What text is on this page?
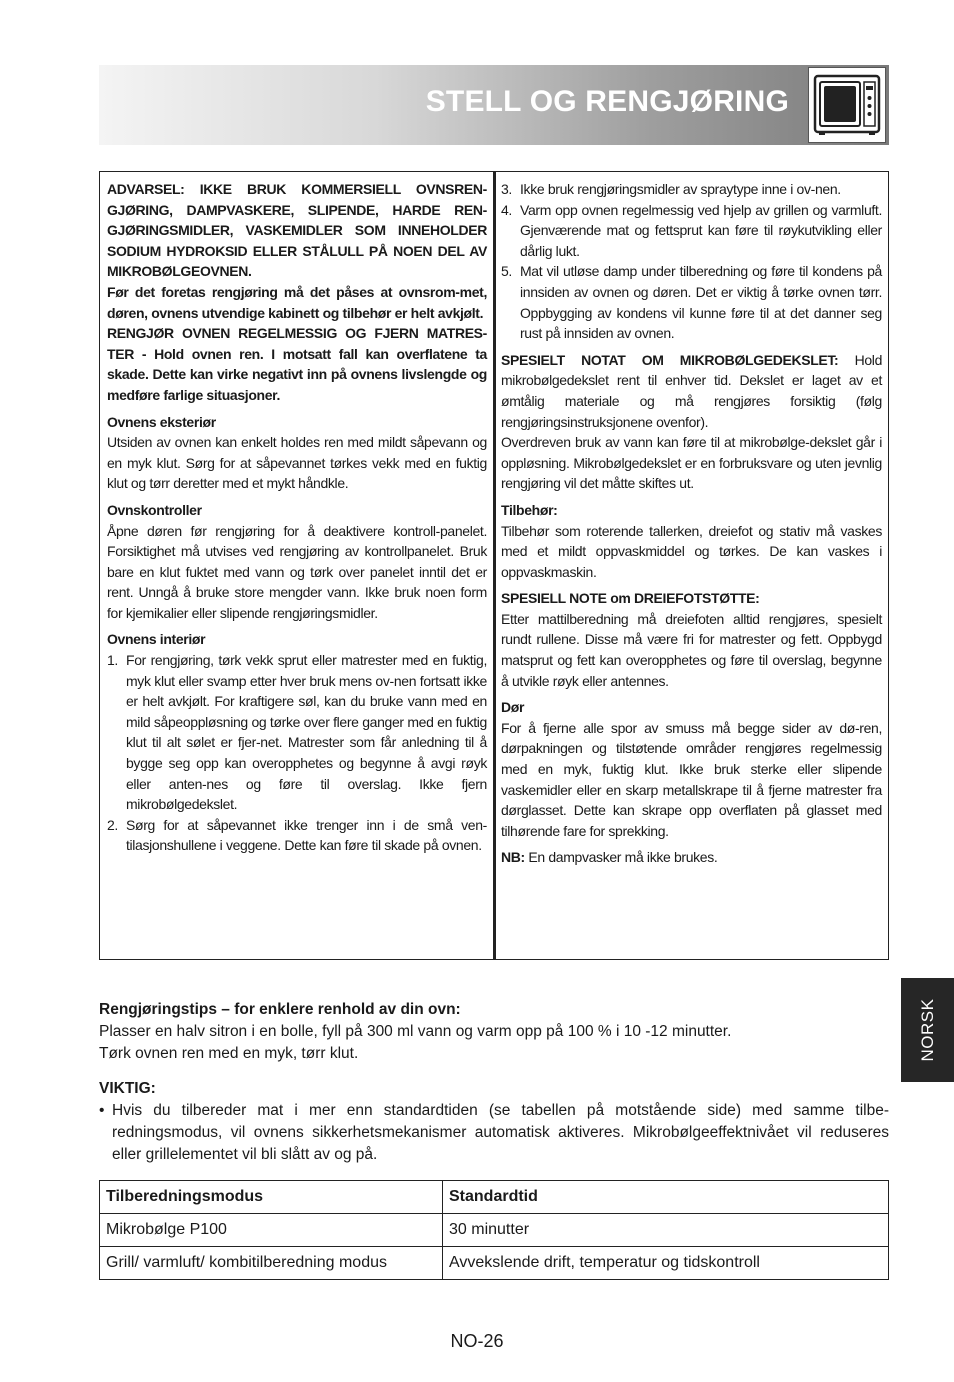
STELL OG RENGJØRING

ADVARSEL: IKKE BRUK KOMMERSIELL OVNSREN-GJØRING, DAMPVASKERE, SLIPENDE, HARDE REN-GJØRINGSMIDLER, VASKEMIDLER SOM INNEHOLDER SODIUM HYDROKSID ELLER STÅLULL PÅ NOEN DEL AV MIKROBØLGEOVNEN.

Før det foretas rengjøring må det påses at ovnsrom-met, døren, ovnens utvendige kabinett og tilbehør er helt avkjølt.

RENGJØR OVNEN REGELMESSIG OG FJERN MATRES-TER - Hold ovnen ren. I motsatt fall kan overflatene ta skade. Dette kan virke negativt inn på ovnens livslengde og medføre farlige situasjoner.

Ovnens eksteriør

Utsiden av ovnen kan enkelt holdes ren med mildt såpevann og en myk klut. Sørg for at såpevannet tørkes vekk med en fuktig klut og tørr deretter med et mykt håndkle.

Ovnskontroller

Åpne døren før rengjøring for å deaktivere kontroll-panelet. Forsiktighet må utvises ved rengjøring av kontrollpanelet. Bruk bare en klut fuktet med vann og tørk over panelet inntil det er rent. Unngå å bruke store mengder vann. Ikke bruk noen form for kjemikalier eller slipende rengjøringsmidler.

Ovnens interiør

1. For rengjøring, tørk vekk sprut eller matrester med en fuktig, myk klut eller svamp etter hver bruk mens ov-nen fortsatt ikke er helt avkjølt. For kraftigere søl, kan du bruke vann med en mild såpeoppløsning og tørke over flere ganger med en fuktig klut til alt sølet er fjer-net. Matrester som får anledning til å bygge seg opp kan overopphetes og begynne å avgi røyk eller anten-nes og føre til overslag. Ikke fjern mikrobølgedekslet.
2. Sørg for at såpevannet ikke trenger inn i de små ven-tilasjonshullene i veggene. Dette kan føre til skade på ovnen.
3. Ikke bruk rengjøringsmidler av spraytype inne i ov-nen.
4. Varm opp ovnen regelmessig ved hjelp av grillen og varmluft. Gjenværende mat og fettsprut kan føre til røykutvikling eller dårlig lukt.
5. Mat vil utløse damp under tilberedning og føre til kondens på innsiden av ovnen og døren. Det er viktig å tørke ovnen tørr. Oppbygging av kondens vil kunne føre til at det danner seg rust på innsiden av ovnen.

SPESIELT NOTAT OM MIKROBØLGEDEKSLET: Hold mikrobølgedekslet rent til enhver tid. Dekslet er laget av et ømtålig materiale og må rengjøres forsiktig (følg rengjøringsinstruksjonene ovenfor).

Overdreven bruk av vann kan føre til at mikrobølge-dekslet går i oppløsning. Mikrobølgedekslet er en forbruksvare og uten jevnlig rengjøring vil det måtte skiftes ut.

Tilbehør:

Tilbehør som roterende tallerken, dreiefot og stativ må vaskes med et mildt oppvaskmiddel og tørkes. De kan vaskes i oppvaskmaskin.

SPESIELL NOTE om DREIEFOTSTØTTE:

Etter mattilberedning må dreiefoten alltid rengjøres, spesielt rundt rullene. Disse må være fri for matrester og fett. Oppbygd matsprut og fett kan overopphetes og føre til overslag, begynne å utvikle røyk eller antennes.

Dør

For å fjerne alle spor av smuss må begge sider av dø-ren, dørpakningen og tilstøtende områder rengjøres regelmessig med en myk, fuktig klut. Ikke bruk sterke eller slipende vaskemidler eller en skarp metallskrape til å fjerne matrester fra dørglasset. Dette kan skrape opp overflaten på glasset med tilhørende fare for sprekking.

NB: En dampvasker må ikke brukes.

Rengjøringstips – for enklere renhold av din ovn:

Plasser en halv sitron i en bolle, fyll på 300 ml vann og varm opp på 100 % i 10 -12 minutter.

Tørk ovnen ren med en myk, tørr klut.

VIKTIG:

• Hvis du tilbereder mat i mer enn standardtiden (se tabellen på motstående side) med samme tilbe-redningsmodus, vil ovnens sikkerhetsmekanismer automatisk aktiveres. Mikrobølgeeffektnivået vil reduseres eller grillelementet vil bli slått av og på.
Tilberedningsmodus	Standardtid
Mikrobølge P100	30 minutter
Grill/ varmluft/ kombitilberedning modus	Avvekslende drift, temperatur og tidskontroll
NORSK
NO-26
